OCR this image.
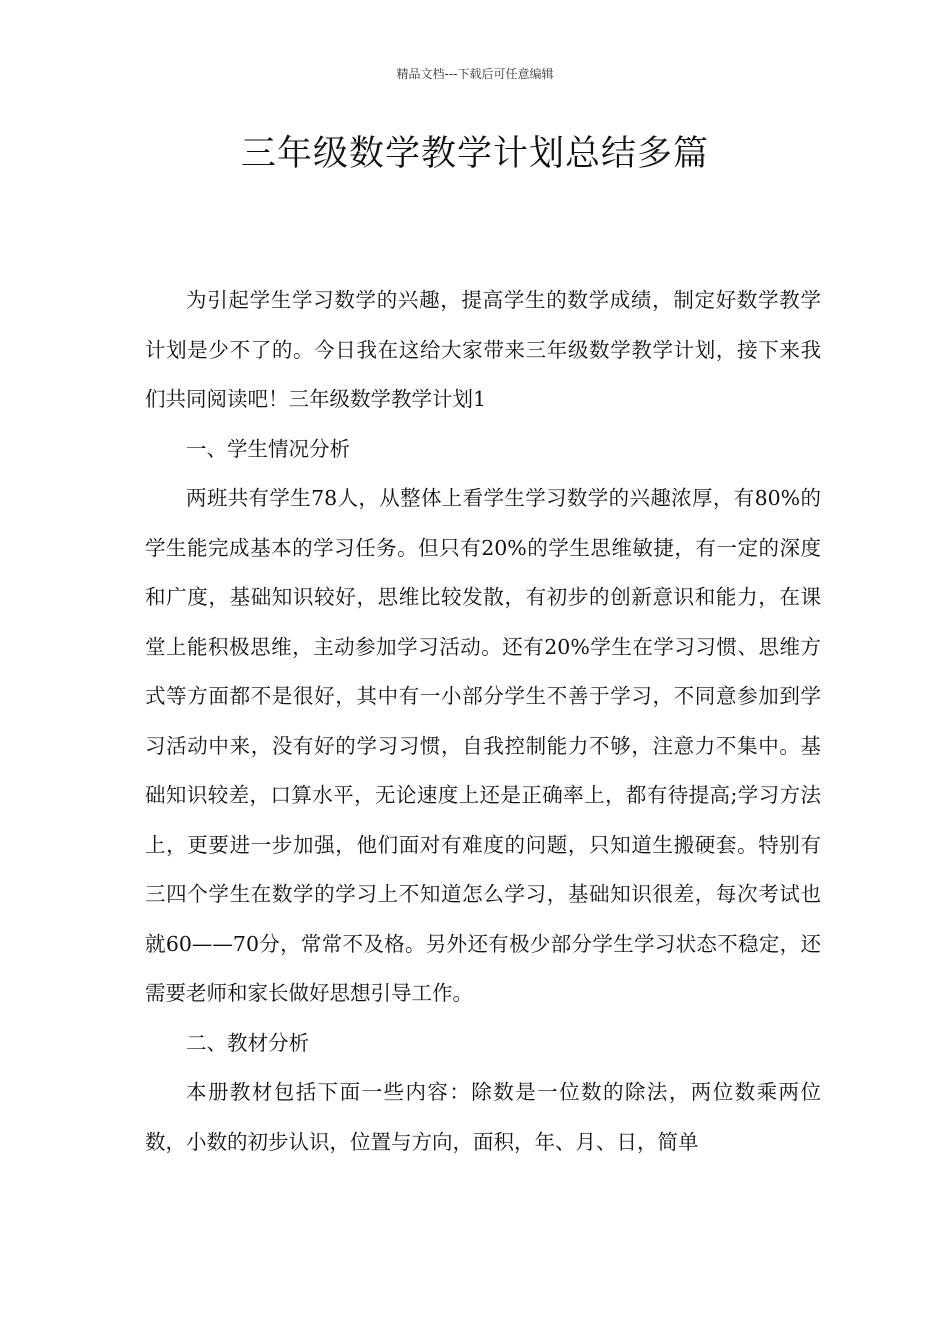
精品文档---下载后可任意编辑
三年级数学教学计划总结多篇

为引起学生学习数学的兴趣，提高学生的数学成绩，制定好数学教学计划是少不了的。今日我在这给大家带来三年级数学教学计划，接下来我们共同阅读吧！三年级数学教学计划1

一、学生情况分析

两班共有学生78人，从整体上看学生学习数学的兴趣浓厚，有80%的学生能完成基本的学习任务。但只有20%的学生思维敏捷，有一定的深度和广度，基础知识较好，思维比较发散，有初步的创新意识和能力，在课堂上能积极思维，主动参加学习活动。还有20%学生在学习习惯、思维方式等方面都不是很好，其中有一小部分学生不善于学习，不同意参加到学习活动中来，没有好的学习习惯，自我控制能力不够，注意力不集中。基础知识较差，口算水平，无论速度上还是正确率上，都有待提高;学习方法上，更要进一步加强，他们面对有难度的问题，只知道生搬硬套。特别有三四个学生在数学的学习上不知道怎么学习，基础知识很差，每次考试也就60——70分，常常不及格。另外还有极少部分学生学习状态不稳定，还需要老师和家长做好思想引导工作。

二、教材分析

本册教材包括下面一些内容：除数是一位数的除法，两位数乘两位数，小数的初步认识，位置与方向，面积，年、月、日，简单
